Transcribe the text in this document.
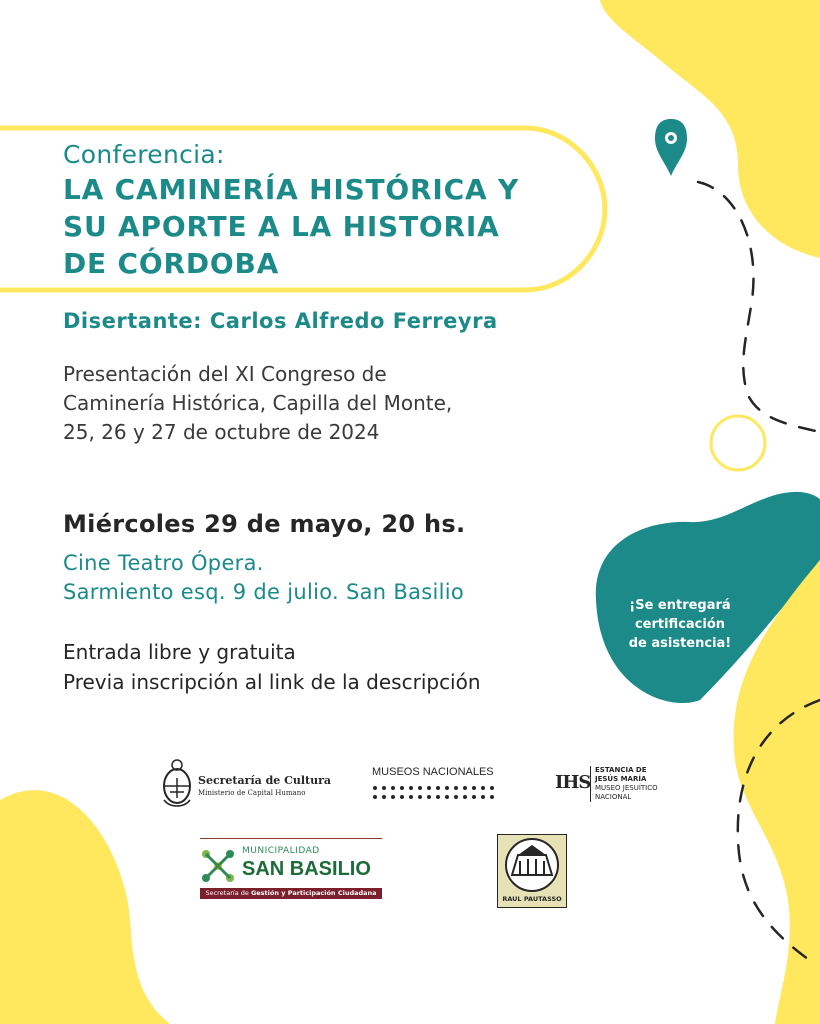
Conferencia:

LA CAMINERÍA HISTÓRICA Y

SU APORTE A LA HISTORIA

DE CÓRDOBA

Disertante: Carlos Alfredo Ferreyra

Presentación del XI Congreso de

Caminería Histórica, Capilla del Monte,

25, 26 y 27 de octubre de 2024

Miércoles 29 de mayo, 20 hs.

Cine Teatro Ópera.

Sarmiento esq. 9 de julio. San Basilio

Entrada libre y gratuita

Previa inscripción al link de la descripción

¡Se entregará
certificación
de asistencia!
Secretaría de Cultura
Ministerio de Capital Humano
MUSEOS NACIONALES	IHS
ESTANCIA DE
JESÚS MARÍA
MUSEO JESUÍTICO
NACIONAL
MUNICIPALIDAD
SAN BASILIO
Secretaría de Gestión y Participación Ciudadana
RAUL PAUTASSO
